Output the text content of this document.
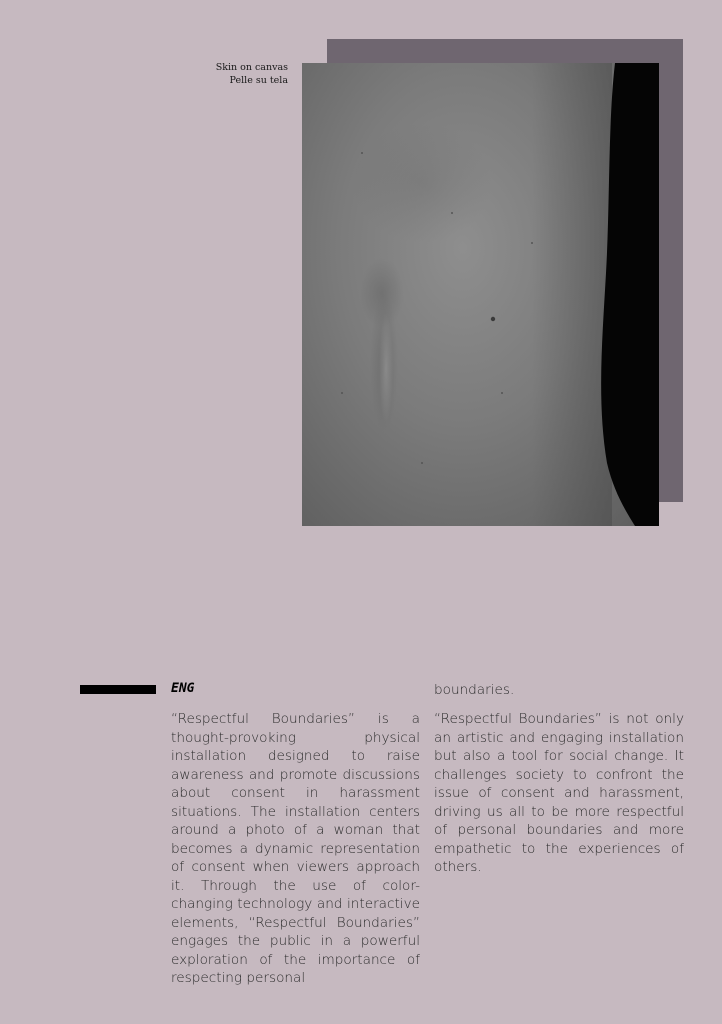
Skin on canvas
Pelle su tela
ENG

“Respectful Boundaries” is a thought-provoking physical installation designed to raise awareness and promote discussions about consent in harassment situations. The installation centers around a photo of a woman that becomes a dynamic representation of consent when viewers approach it. Through the use of color-changing technology and interactive elements, “Respectful Boundaries” engages the public in a powerful exploration of the importance of respecting personal

boundaries.

“Respectful Boundaries” is not only an artistic and engaging installation but also a tool for social change. It challenges society to confront the issue of consent and harassment, driving us all to be more respectful of personal boundaries and more empathetic to the experiences of others.
